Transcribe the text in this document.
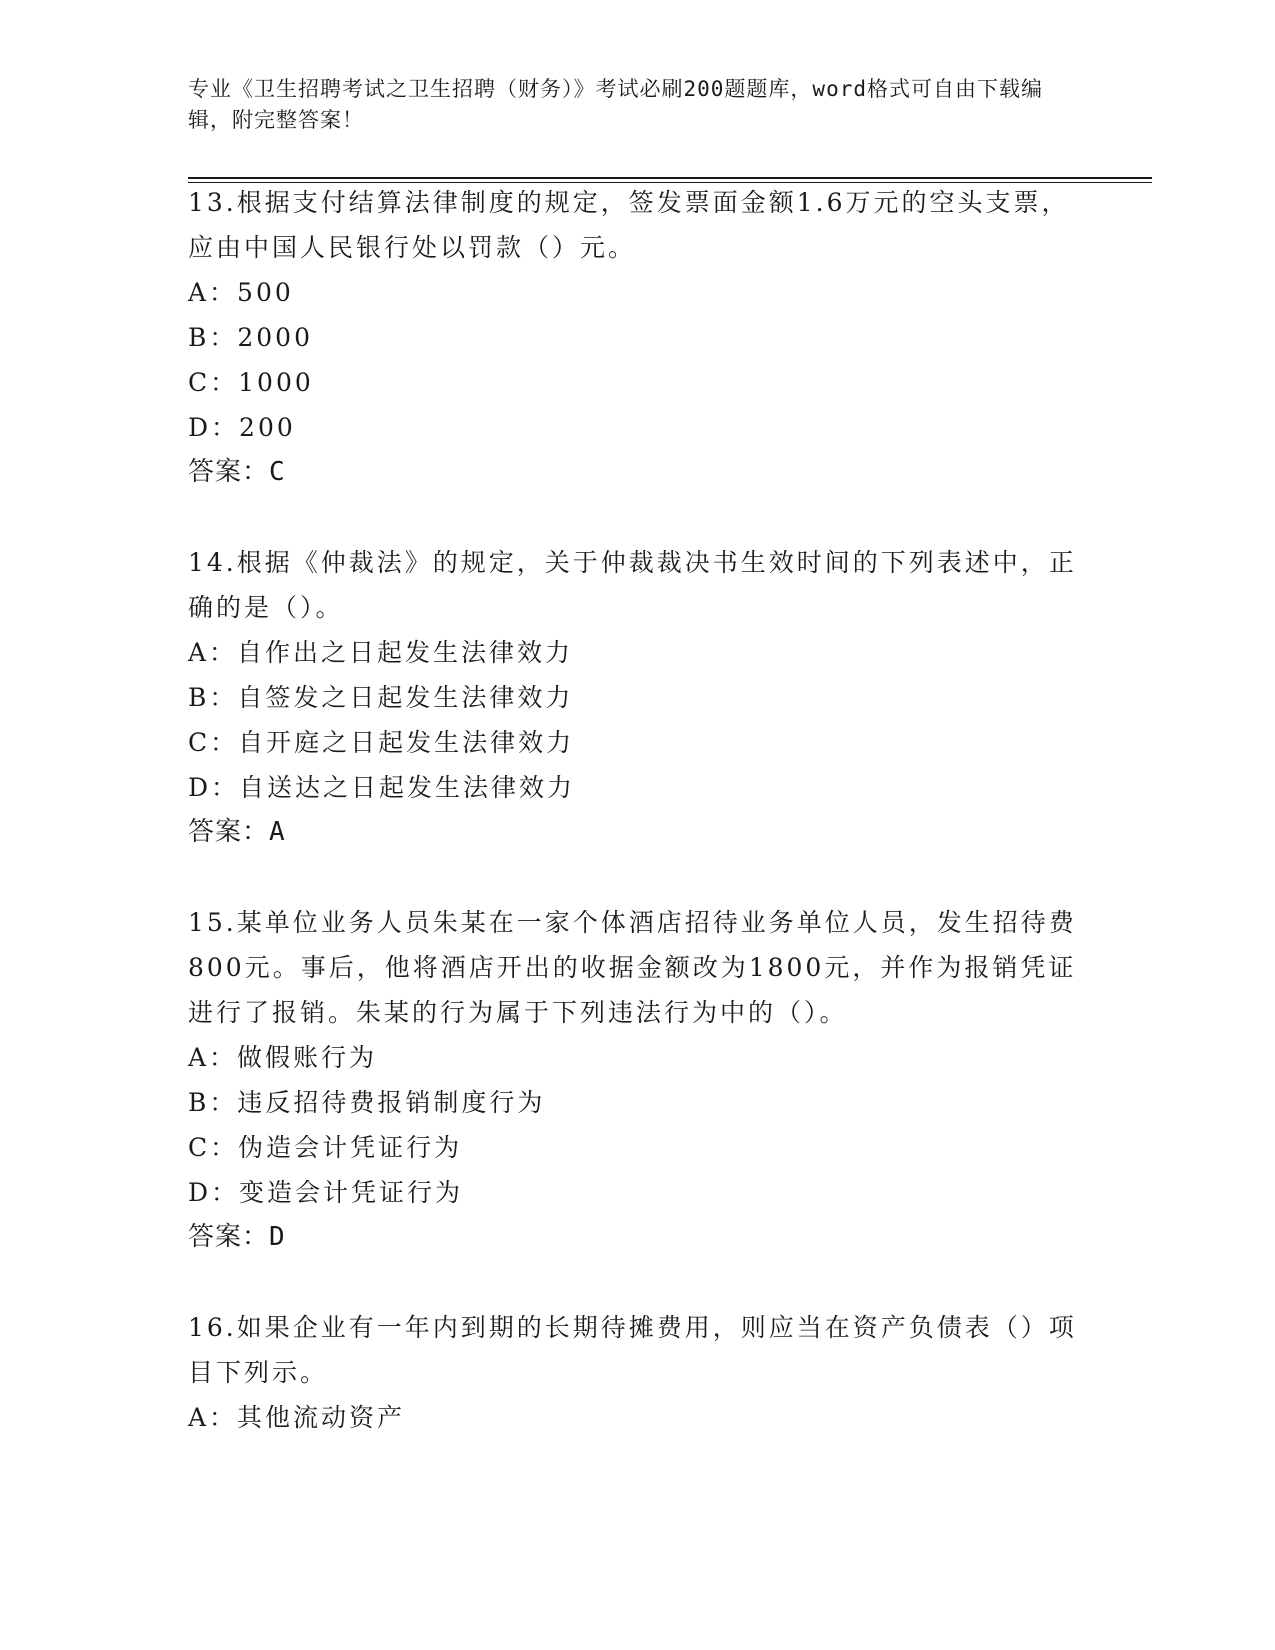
专业《卫生招聘考试之卫生招聘（财务）》考试必刷200题题库，word格式可自由下载编辑，附完整答案！

13.根据支付结算法律制度的规定，签发票面金额1.6万元的空头支票，应由中国人民银行处以罚款（）元。

A：500

B：2000

C：1000

D：200

答案：C

14.根据《仲裁法》的规定，关于仲裁裁决书生效时间的下列表述中，正确的是（）。

A：自作出之日起发生法律效力

B：自签发之日起发生法律效力

C：自开庭之日起发生法律效力

D：自送达之日起发生法律效力

答案：A

15.某单位业务人员朱某在一家个体酒店招待业务单位人员，发生招待费800元。事后，他将酒店开出的收据金额改为1800元，并作为报销凭证进行了报销。朱某的行为属于下列违法行为中的（）。

A：做假账行为

B：违反招待费报销制度行为

C：伪造会计凭证行为

D：变造会计凭证行为

答案：D

16.如果企业有一年内到期的长期待摊费用，则应当在资产负债表（）项目下列示。

A：其他流动资产
